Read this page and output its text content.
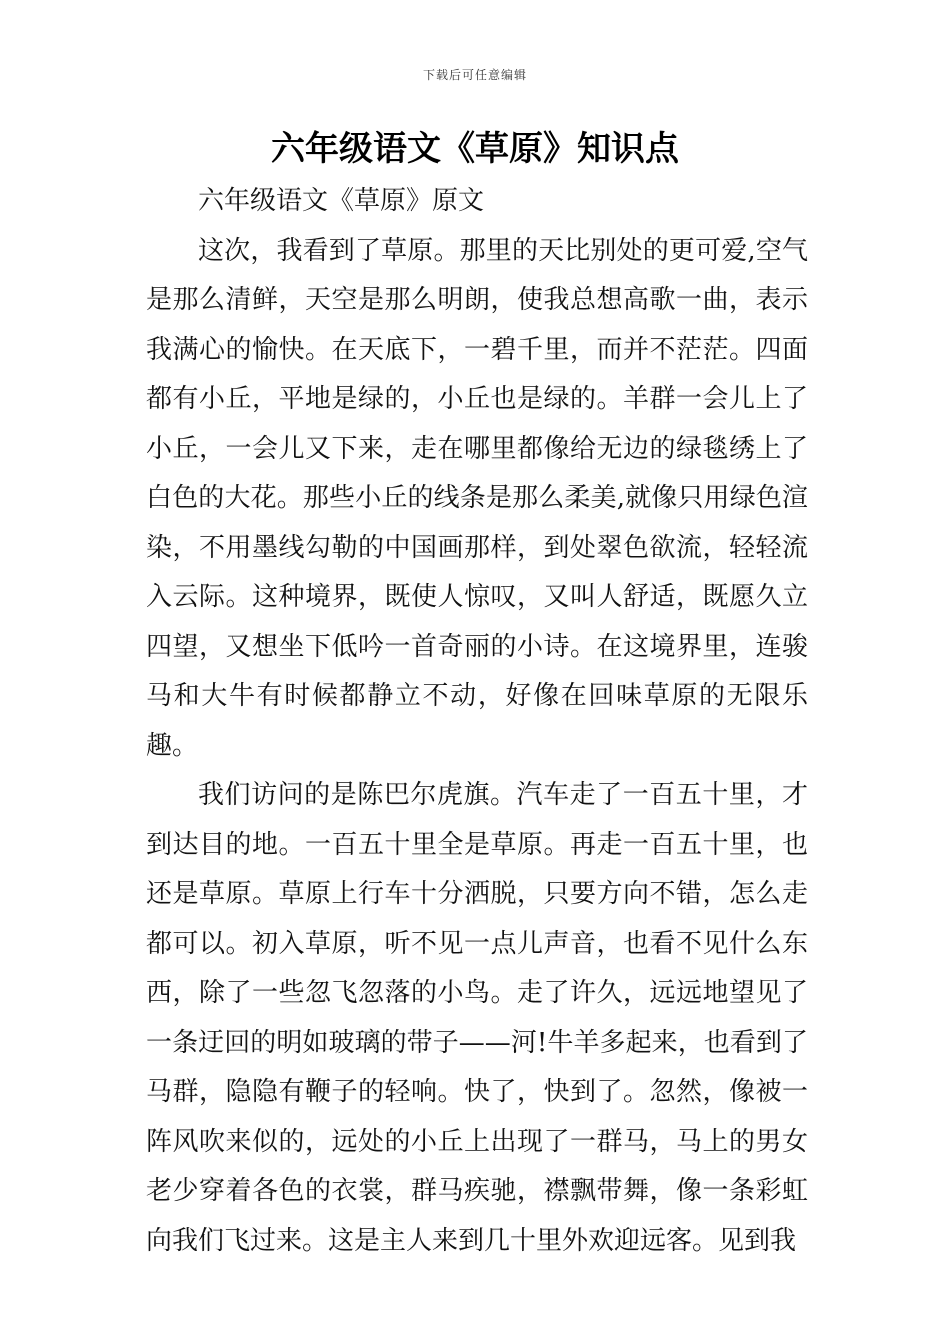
下载后可任意编辑
六年级语文《草原》知识点

六年级语文《草原》原文

这次，我看到了草原。那里的天比别处的更可爱,空气是那么清鲜，天空是那么明朗，使我总想高歌一曲，表示我满心的愉快。在天底下，一碧千里，而并不茫茫。四面都有小丘，平地是绿的，小丘也是绿的。羊群一会儿上了小丘，一会儿又下来，走在哪里都像给无边的绿毯绣上了白色的大花。那些小丘的线条是那么柔美,就像只用绿色渲染，不用墨线勾勒的中国画那样，到处翠色欲流，轻轻流入云际。这种境界，既使人惊叹，又叫人舒适，既愿久立四望，又想坐下低吟一首奇丽的小诗。在这境界里，连骏马和大牛有时候都静立不动，好像在回味草原的无限乐趣。

我们访问的是陈巴尔虎旗。汽车走了一百五十里，才到达目的地。一百五十里全是草原。再走一百五十里，也还是草原。草原上行车十分洒脱，只要方向不错，怎么走都可以。初入草原，听不见一点儿声音，也看不见什么东西，除了一些忽飞忽落的小鸟。走了许久，远远地望见了一条迂回的明如玻璃的带子——河!牛羊多起来，也看到了马群，隐隐有鞭子的轻响。快了，快到了。忽然，像被一阵风吹来似的，远处的小丘上出现了一群马，马上的男女老少穿着各色的衣裳，群马疾驰，襟飘带舞，像一条彩虹向我们飞过来。这是主人来到几十里外欢迎远客。见到我
